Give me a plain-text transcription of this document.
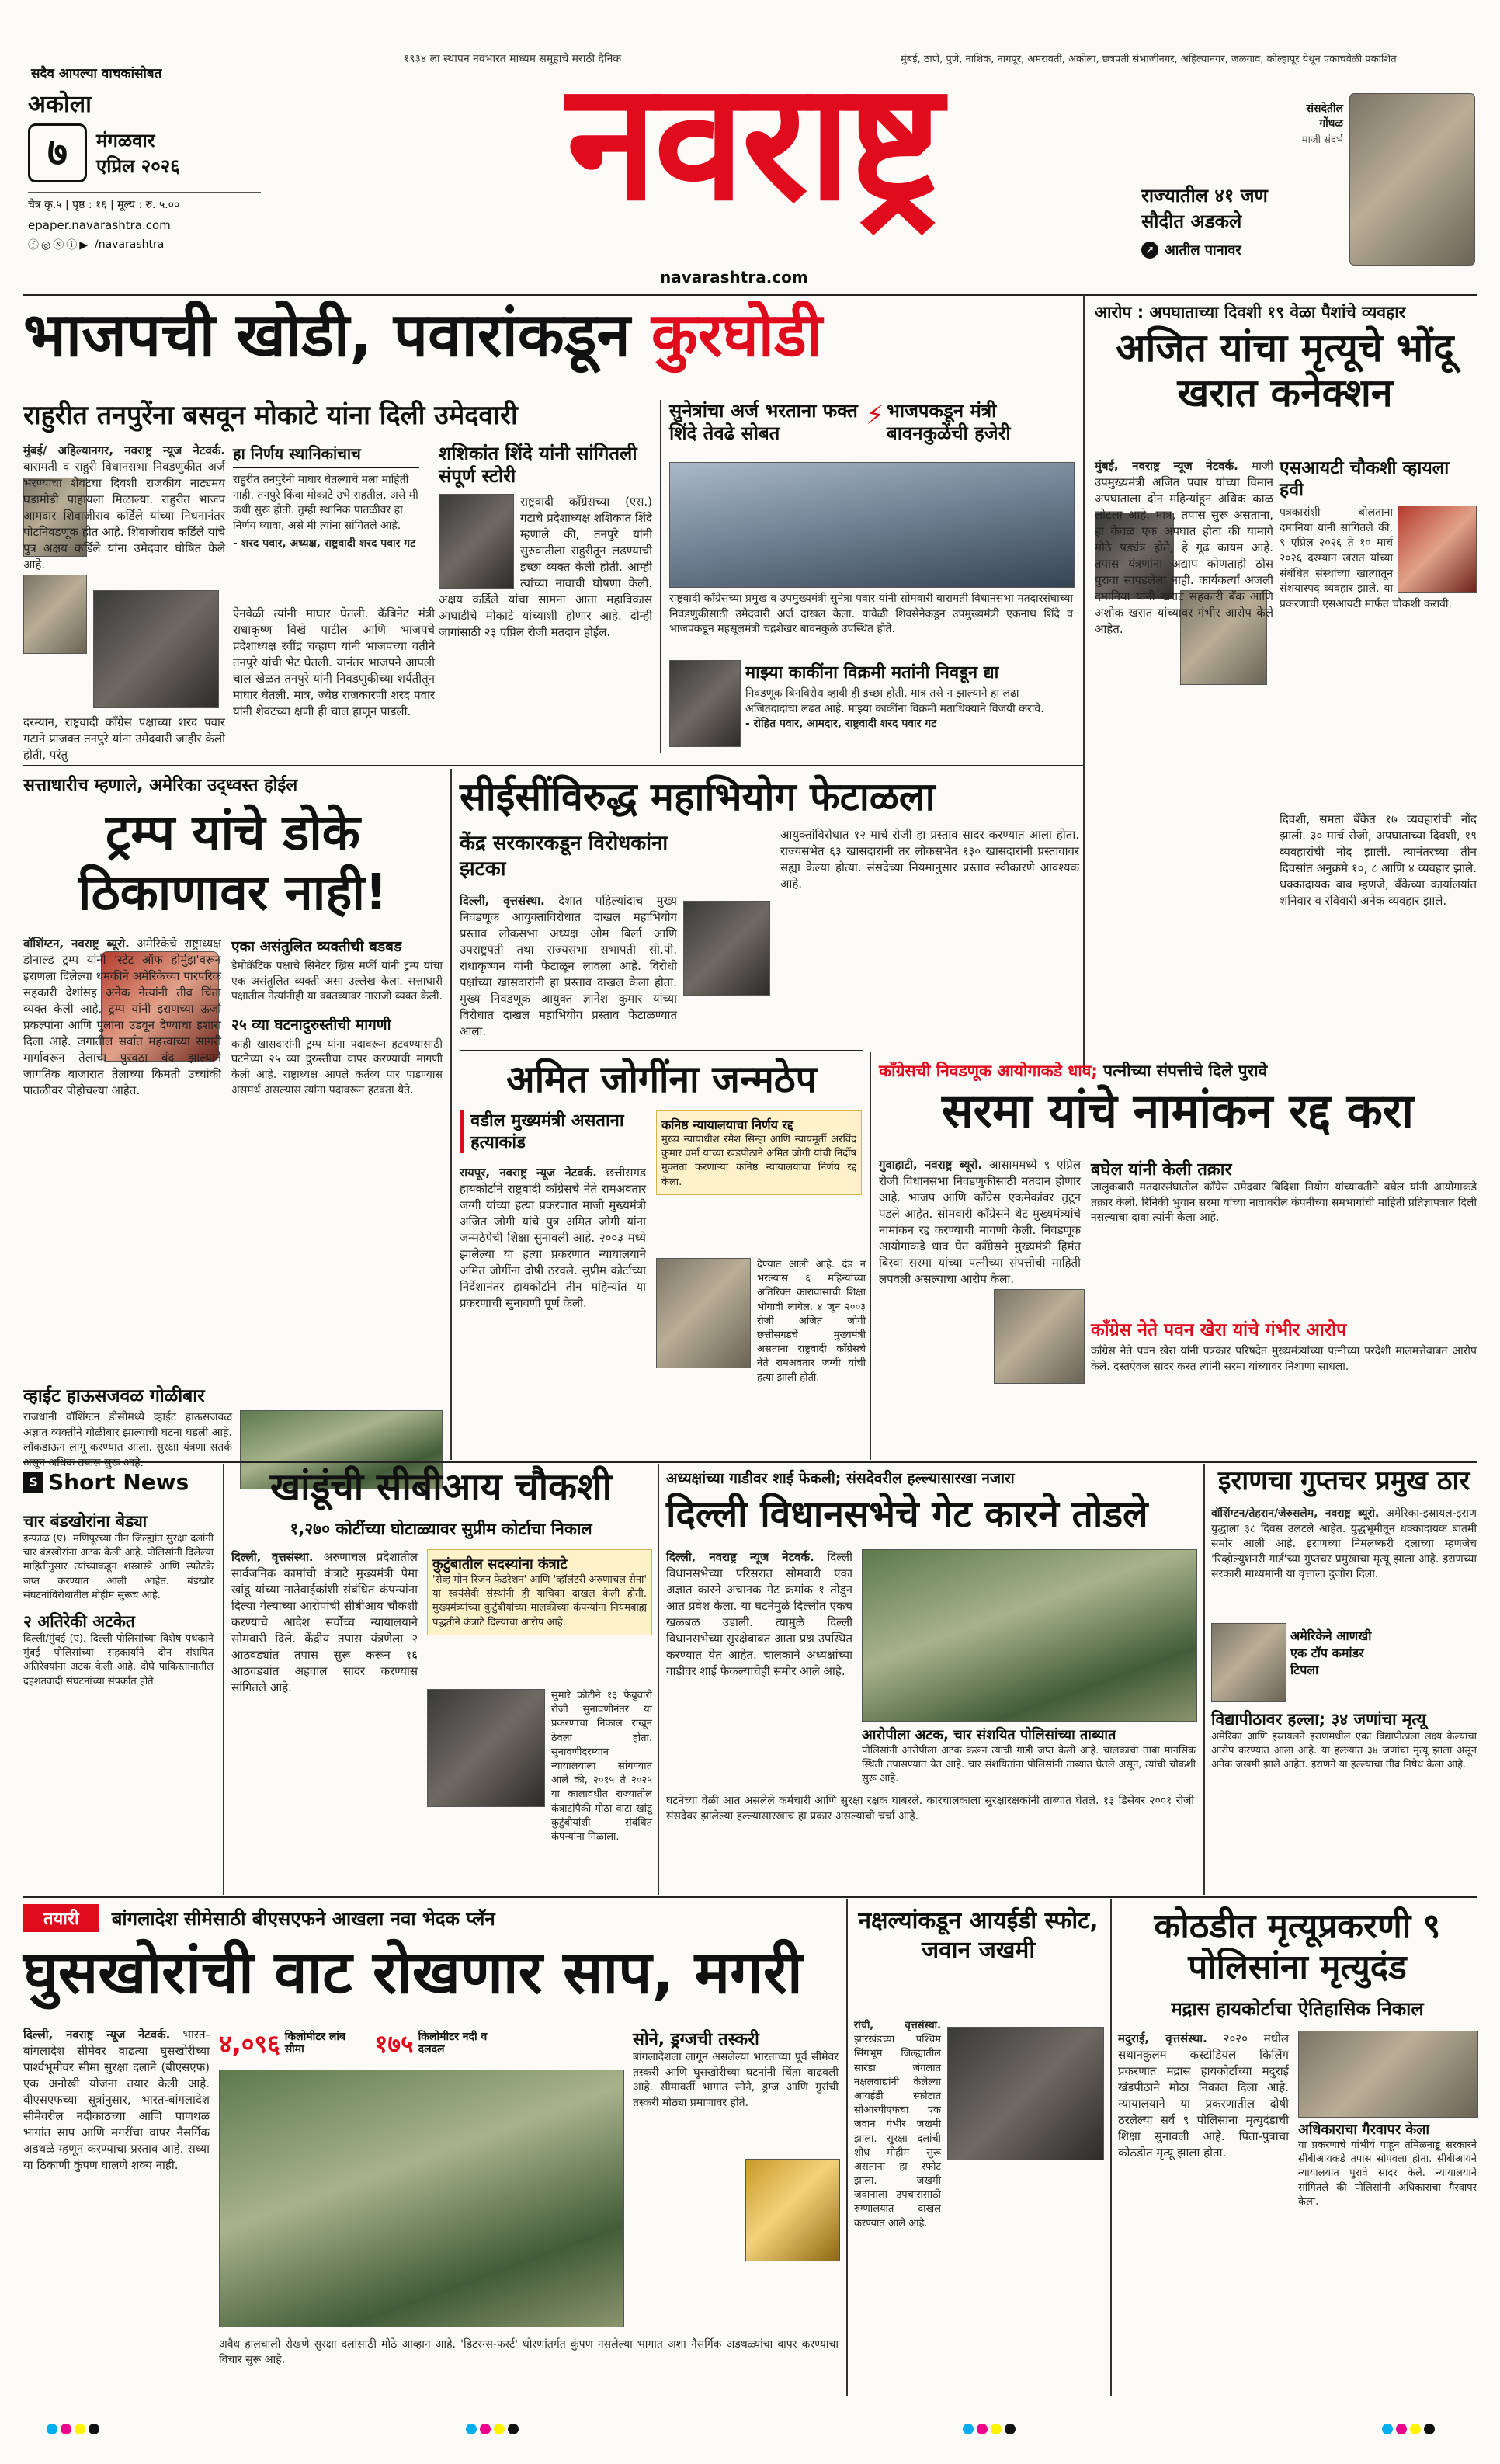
१९३४ ला स्थापन नवभारत माध्यम समूहाचे मराठी दैनिक	मुंबई, ठाणे, पुणे, नाशिक, नागपूर, अमरावती, अकोला, छत्रपती संभाजीनगर, अहिल्यानगर, जळगाव, कोल्हापूर येथून एकाचवेळी प्रकाशित
सदैव आपल्या वाचकांसोबत
अकोला
७	मंगळवार
एप्रिल २०२६
चैत्र कृ.५ | पृष्ठ : १६ | मूल्य : रु. ५.००
epaper.navarashtra.com
ⓕ◎ⓧⓘ▶ /navarashtra
नवराष्ट्र
navarashtra.com
संसदेतील गोंधळ
माजी संदर्भ
राज्यातील ४१ जण
सौदीत अडकले
➚ आतील पानावर
भाजपची खोडी, पवारांकडून कुरघोडी
राहुरीत तनपुरेंना बसवून मोकाटे यांना दिली उमेदवारी
मुंबई/ अहिल्यानगर, नवराष्ट्र न्यूज नेटवर्क. बारामती व राहुरी विधानसभा निवडणुकीत अर्ज भरण्याचा शेवटचा दिवशी राजकीय नाट्यमय घडामोडी पाहायला मिळाल्या. राहुरीत भाजप आमदार शिवाजीराव कर्डिले यांच्या निधनानंतर पोटनिवडणूक होत आहे. शिवाजीराव कर्डिले यांचे पुत्र अक्षय कर्डिले यांना उमेदवार घोषित केले आहे.
दरम्यान, राष्ट्रवादी काँग्रेस पक्षाच्या शरद पवार गटाने प्राजक्त तनपुरे यांना उमेदवारी जाहीर केली होती, परंतु
हा निर्णय स्थानिकांचाच
राहुरीत तनपुरेंनी माघार घेतल्याचे मला माहिती नाही. तनपुरे किंवा मोकाटे उभे राहतील, असे मी कधी सुरू होती. तुम्ही स्थानिक पातळीवर हा निर्णय घ्यावा, असे मी त्यांना सांगितले आहे.
- शरद पवार, अध्यक्ष, राष्ट्रवादी शरद पवार गट
ऐनवेळी त्यांनी माघार घेतली. कॅबिनेट मंत्री राधाकृष्ण विखे पाटील आणि भाजपचे प्रदेशाध्यक्ष रवींद्र चव्हाण यांनी भाजपच्या वतीने तनपुरे यांची भेट घेतली. यानंतर भाजपने आपली चाल खेळत तनपुरे यांनी निवडणुकीच्या शर्यतीतून माघार घेतली. मात्र, ज्येष्ठ राजकारणी शरद पवार यांनी शेवटच्या क्षणी ही चाल हाणून पाडली.
शशिकांत शिंदे यांनी सांगितली संपूर्ण स्टोरी
राष्ट्रवादी काँग्रेसच्या (एस.) गटाचे प्रदेशाध्यक्ष शशिकांत शिंदे म्हणाले की, तनपुरे यांनी सुरुवातीला राहुरीतून लढण्याची इच्छा व्यक्त केली होती. आम्ही त्यांच्या नावाची घोषणा केली. अक्षय कर्डिले यांचा सामना आता महाविकास आघाडीचे मोकाटे यांच्याशी होणार आहे. दोन्ही जागांसाठी २३ एप्रिल रोजी मतदान होईल.
सुनेत्रांचा अर्ज भरताना फक्त शिंदे तेवढे सोबत
⚡ भाजपकडून मंत्री बावनकुळेंची हजेरी
राष्ट्रवादी काँग्रेसच्या प्रमुख व उपमुख्यमंत्री सुनेत्रा पवार यांनी सोमवारी बारामती विधानसभा मतदारसंघाच्या निवडणुकीसाठी उमेदवारी अर्ज दाखल केला. यावेळी शिवसेनेकडून उपमुख्यमंत्री एकनाथ शिंदे व भाजपकडून महसूलमंत्री चंद्रशेखर बावनकुळे उपस्थित होते.
माझ्या काकींना विक्रमी मतांनी निवडून द्या
निवडणूक बिनविरोध व्हावी ही इच्छा होती. मात्र तसे न झाल्याने हा लढा अजितदादांचा लढत आहे. माझ्या काकींना विक्रमी मताधिक्याने विजयी करावे.
- रोहित पवार, आमदार, राष्ट्रवादी शरद पवार गट
आरोप : अपघाताच्या दिवशी १९ वेळा पैशांचे व्यवहार
अजित यांचा मृत्यूचे भोंदू खरात कनेक्शन
मुंबई, नवराष्ट्र न्यूज नेटवर्क. माजी उपमुख्यमंत्री अजित पवार यांच्या विमान अपघाताला दोन महिन्यांहून अधिक काळ लोटला आहे. मात्र, तपास सुरू असताना, हा केवळ एक अपघात होता की यामागे मोठे षड्यंत्र होते, हे गूढ कायम आहे. तपास यंत्रणांना अद्याप कोणताही ठोस पुरावा सापडलेला नाही. कार्यकर्त्यां अंजली दमानिया यांनी खराट सहकारी बँक आणि अशोक खरात यांच्यावर गंभीर आरोप केले आहेत.
एसआयटी चौकशी व्हायला हवी
पत्रकारांशी बोलताना दमानिया यांनी सांगितले की, ९ एप्रिल २०२६ ते १० मार्च २०२६ दरम्यान खरात यांच्या संबंधित संस्थांच्या खात्यातून संशयास्पद व्यवहार झाले. या प्रकरणाची एसआयटी मार्फत चौकशी करावी.
दिवशी, समता बँकेत १७ व्यवहारांची नोंद झाली. ३० मार्च रोजी, अपघाताच्या दिवशी, १९ व्यवहारांची नोंद झाली. त्यानंतरच्या तीन दिवसांत अनुक्रमे १०, ८ आणि ४ व्यवहार झाले. धक्कादायक बाब म्हणजे, बँकेच्या कार्यालयांत शनिवार व रविवारी अनेक व्यवहार झाले.
सत्ताधारीच म्हणाले, अमेरिका उद्ध्वस्त होईल
ट्रम्प यांचे डोके ठिकाणावर नाही!
वॉशिंग्टन, नवराष्ट्र ब्यूरो. अमेरिकेचे राष्ट्राध्यक्ष डोनाल्ड ट्रम्प यांनी 'स्टेट ऑफ होर्मुझ'वरून इराणला दिलेल्या धमकीने अमेरिकेच्या पारंपरिक सहकारी देशांसह अनेक नेत्यांनी तीव्र चिंता व्यक्त केली आहे. ट्रम्प यांनी इराणच्या ऊर्जा प्रकल्पांना आणि पुलांना उडवून देण्याचा इशारा दिला आहे. जगातील सर्वात महत्त्वाच्या सागरी मार्गावरून तेलाचा पुरवठा बंद झाल्याने जागतिक बाजारात तेलाच्या किमती उच्चांकी पातळीवर पोहोचल्या आहेत.
एका असंतुलित व्यक्तीची बडबड
डेमोक्रॅटिक पक्षाचे सिनेटर ख्रिस मर्फी यांनी ट्रम्प यांचा एक असंतुलित व्यक्ती असा उल्लेख केला. सत्ताधारी पक्षातील नेत्यांनीही या वक्तव्यावर नाराजी व्यक्त केली.
२५ व्या घटनादुरुस्तीची मागणी
काही खासदारांनी ट्रम्प यांना पदावरून हटवण्यासाठी घटनेच्या २५ व्या दुरुस्तीचा वापर करण्याची मागणी केली आहे. राष्ट्राध्यक्ष आपले कर्तव्य पार पाडण्यास असमर्थ असल्यास त्यांना पदावरून हटवता येते.
व्हाईट हाऊसजवळ गोळीबार
राजधानी वॉशिंग्टन डीसीमध्ये व्हाईट हाऊसजवळ अज्ञात व्यक्तीने गोळीबार झाल्याची घटना घडली आहे. लॉकडाऊन लागू करण्यात आला. सुरक्षा यंत्रणा सतर्क
सीईसींविरुद्ध महाभियोग फेटाळला
केंद्र सरकारकडून विरोधकांना झटका
दिल्ली, वृत्तसंस्था. देशात पहिल्यांदाच मुख्य निवडणूक आयुक्तांविरोधात दाखल महाभियोग प्रस्ताव लोकसभा अध्यक्ष ओम बिर्ला आणि उपराष्ट्रपती तथा राज्यसभा सभापती सी.पी. राधाकृष्णन यांनी फेटाळून लावला आहे. विरोधी पक्षांच्या खासदारांनी हा प्रस्ताव दाखल केला होता. मुख्य निवडणूक आयुक्त ज्ञानेश कुमार यांच्या विरोधात दाखल महाभियोग प्रस्ताव फेटाळण्यात आला.
आयुक्तांविरोधात १२ मार्च रोजी हा प्रस्ताव सादर करण्यात आला होता. राज्यसभेत ६३ खासदारांनी तर लोकसभेत १३० खासदारांनी प्रस्तावावर सह्या केल्या होत्या. संसदेच्या नियमानुसार प्रस्ताव स्वीकारणे आवश्यक आहे.
अमित जोगींना जन्मठेप
वडील मुख्यमंत्री असताना हत्याकांड
कनिष्ठ न्यायालयाचा निर्णय रद्द
मुख्य न्यायाधीश रमेश सिन्हा आणि न्यायमूर्ती अरविंद कुमार वर्मा यांच्या खंडपीठाने अमित जोगी यांची निर्दोष मुक्तता करणाऱ्या कनिष्ठ न्यायालयाचा निर्णय रद्द केला.
रायपूर, नवराष्ट्र न्यूज नेटवर्क. छत्तीसगड हायकोर्टाने राष्ट्रवादी काँग्रेसचे नेते रामअवतार जग्गी यांच्या हत्या प्रकरणात माजी मुख्यमंत्री अजित जोगी यांचे पुत्र अमित जोगी यांना जन्मठेपेची शिक्षा सुनावली आहे. २००३ मध्ये झालेल्या या हत्या प्रकरणात न्यायालयाने अमित जोगींना दोषी ठरवले. सुप्रीम कोर्टाच्या निर्देशानंतर हायकोर्टाने तीन महिन्यांत या प्रकरणाची सुनावणी पूर्ण केली.
देण्यात आली आहे. दंड न भरल्यास ६ महिन्यांच्या अतिरिक्त कारावासाची शिक्षा भोगावी लागेल. ४ जून २००३ रोजी अजित जोगी छत्तीसगडचे मुख्यमंत्री असताना राष्ट्रवादी काँग्रेसचे नेते रामअवतार जग्गी यांची हत्या झाली होती.
काँग्रेसची निवडणूक आयोगाकडे धाव; पत्नीच्या संपत्तीचे दिले पुरावे
सरमा यांचे नामांकन रद्द करा
गुवाहाटी, नवराष्ट्र ब्यूरो. आसाममध्ये ९ एप्रिल रोजी विधानसभा निवडणुकीसाठी मतदान होणार आहे. भाजप आणि काँग्रेस एकमेकांवर तुटून पडले आहेत. सोमवारी काँग्रेसने थेट मुख्यमंत्र्यांचे नामांकन रद्द करण्याची मागणी केली. निवडणूक आयोगाकडे धाव घेत काँग्रेसने मुख्यमंत्री हिमंत बिस्वा सरमा यांच्या पत्नीच्या संपत्तीची माहिती लपवली असल्याचा आरोप केला.
बघेल यांनी केली तक्रार
जालुकबारी मतदारसंघातील काँग्रेस उमेदवार बिदिशा नियोग यांच्यावतीने बघेल यांनी आयोगाकडे तक्रार केली. रिनिकी भुयान सरमा यांच्या नावावरील कंपनीच्या समभागांची माहिती प्रतिज्ञापत्रात दिली नसल्याचा दावा त्यांनी केला आहे.
काँग्रेस नेते पवन खेरा यांचे गंभीर आरोप
काँग्रेस नेते पवन खेरा यांनी पत्रकार परिषदेत मुख्यमंत्र्यांच्या पत्नीच्या परदेशी मालमत्तेबाबत आरोप केले. दस्तऐवज सादर करत त्यांनी सरमा यांच्यावर निशाणा साधला.
S Short News
चार बंडखोरांना बेड्या
इम्फाळ (ए). मणिपूरच्या तीन जिल्ह्यांत सुरक्षा दलांनी चार बंडखोरांना अटक केली आहे. पोलिसांनी दिलेल्या माहितीनुसार त्यांच्याकडून शस्त्रास्त्रे आणि स्फोटके जप्त करण्यात आली आहेत. बंडखोर संघटनांविरोधातील मोहीम सुरूच आहे.
२ अतिरेकी अटकेत
दिल्ली/मुंबई (ए). दिल्ली पोलिसांच्या विशेष पथकाने मुंबई पोलिसांच्या सहकार्याने दोन संशयित अतिरेक्यांना अटक केली आहे. दोघे पाकिस्तानातील दहशतवादी संघटनांच्या संपर्कात होते.
खांडूंची सीबीआय चौकशी
१,२७० कोटींच्या घोटाळ्यावर सुप्रीम कोर्टाचा निकाल
दिल्ली, वृत्तसंस्था. अरुणाचल प्रदेशातील सार्वजनिक कामांची कंत्राटे मुख्यमंत्री पेमा खांडू यांच्या नातेवाईकांशी संबंधित कंपन्यांना दिल्या गेल्याच्या आरोपांची सीबीआय चौकशी करण्याचे आदेश सर्वोच्च न्यायालयाने सोमवारी दिले. केंद्रीय तपास यंत्रणेला २ आठवड्यांत तपास सुरू करून १६ आठवड्यांत अहवाल सादर करण्यास सांगितले आहे.
कुटुंबातील सदस्यांना कंत्राटे
'सेव्ह मोन रिजन फेडरेशन' आणि 'व्हॉलंटरी अरुणाचल सेना' या स्वयंसेवी संस्थांनी ही याचिका दाखल केली होती. मुख्यमंत्र्यांच्या कुटुंबीयांच्या मालकीच्या कंपन्यांना नियमबाह्य पद्धतीने कंत्राटे दिल्याचा आरोप आहे.
सुमारे कोटीने १३ फेब्रुवारी रोजी सुनावणीनंतर या प्रकरणाचा निकाल राखून ठेवला होता. सुनावणीदरम्यान न्यायालयाला सांगण्यात आले की, २०१५ ते २०२५ या कालावधीत राज्यातील कंत्राटांपैकी मोठा वाटा खांडू कुटुंबीयांशी संबंधित कंपन्यांना मिळाला.
अध्यक्षांच्या गाडीवर शाई फेकली; संसदेवरील हल्ल्यासारखा नजारा
दिल्ली विधानसभेचे गेट कारने तोडले
दिल्ली, नवराष्ट्र न्यूज नेटवर्क. दिल्ली विधानसभेच्या परिसरात सोमवारी एका अज्ञात कारने अचानक गेट क्रमांक १ तोडून आत प्रवेश केला. या घटनेमुळे दिल्लीत एकच खळबळ उडाली. त्यामुळे दिल्ली विधानसभेच्या सुरक्षेबाबत आता प्रश्न उपस्थित करण्यात येत आहेत. चालकाने अध्यक्षांच्या गाडीवर शाई फेकल्याचेही समोर आले आहे.
आरोपीला अटक, चार संशयित पोलिसांच्या ताब्यात
पोलिसांनी आरोपीला अटक करून त्याची गाडी जप्त केली आहे. चालकाचा ताबा मानसिक स्थिती तपासण्यात येत आहे. चार संशयितांना पोलिसांनी ताब्यात घेतले असून, त्यांची चौकशी सुरू आहे.
घटनेच्या वेळी आत असलेले कर्मचारी आणि सुरक्षा रक्षक घाबरले. कारचालकाला सुरक्षारक्षकांनी ताब्यात घेतले. १३ डिसेंबर २००१ रोजी संसदेवर झालेल्या हल्ल्यासारखाच हा प्रकार असल्याची चर्चा आहे.
इराणचा गुप्तचर प्रमुख ठार
वॉशिंग्टन/तेहरान/जेरुसलेम, नवराष्ट्र ब्यूरो. अमेरिका-इस्रायल-इराण युद्धाला ३८ दिवस उलटले आहेत. युद्धभूमीतून धक्कादायक बातमी समोर आली आहे. इराणच्या निमलष्करी दलाच्या म्हणजेच 'रिव्होल्युशनरी गार्ड'च्या गुप्तचर प्रमुखाचा मृत्यू झाला आहे. इराणच्या सरकारी माध्यमांनी या वृत्ताला दुजोरा दिला.
अमेरिकेने आणखी एक टॉप कमांडर टिपला
विद्यापीठावर हल्ला; ३४ जणांचा मृत्यू
अमेरिका आणि इस्रायलने इराणमधील एका विद्यापीठाला लक्ष्य केल्याचा आरोप करण्यात आला आहे. या हल्ल्यात ३४ जणांचा मृत्यू झाला असून अनेक जखमी झाले आहेत. इराणने या हल्ल्याचा तीव्र निषेध केला आहे.
तयारी	बांगलादेश सीमेसाठी बीएसएफने आखला नवा भेदक प्लॅन
घुसखोरांची वाट रोखणार साप, मगरी
दिल्ली, नवराष्ट्र न्यूज नेटवर्क. भारत-बांगलादेश सीमेवर वाढत्या घुसखोरीच्या पार्श्वभूमीवर सीमा सुरक्षा दलाने (बीएसएफ) एक अनोखी योजना तयार केली आहे. बीएसएफच्या सूत्रांनुसार, भारत-बांगलादेश सीमेवरील नदीकाठच्या आणि पाणथळ भागांत साप आणि मगरींचा वापर नैसर्गिक अडथळे म्हणून करण्याचा प्रस्ताव आहे. सध्या या ठिकाणी कुंपण घालणे शक्य नाही.
४,०९६ किलोमीटर लांब सीमा	१७५ किलोमीटर नदी व दलदल	सोने, ड्रग्जची तस्करी
बांगलादेशला लागून असलेल्या भारताच्या पूर्व सीमेवर तस्करी आणि घुसखोरीच्या घटनांनी चिंता वाढवली आहे. सीमावर्ती भागात सोने, ड्रग्ज आणि गुरांची तस्करी मोठ्या प्रमाणावर होते.
अवैध हालचाली रोखणे सुरक्षा दलांसाठी मोठे आव्हान आहे. 'डिटरन्स-फर्स्ट' धोरणांतर्गत कुंपण नसलेल्या भागात अशा नैसर्गिक अडथळ्यांचा वापर करण्याचा विचार सुरू आहे.
नक्षल्यांकडून आयईडी स्फोट, जवान जखमी
रांची, वृत्तसंस्था. झारखंडच्या पश्चिम सिंगभूम जिल्ह्यातील सारंडा जंगलात नक्षलवाद्यांनी केलेल्या आयईडी स्फोटात सीआरपीएफचा एक जवान गंभीर जखमी झाला. सुरक्षा दलांची शोध मोहीम सुरू असताना हा स्फोट झाला. जखमी जवानाला उपचारासाठी रुग्णालयात दाखल करण्यात आले आहे.
कोठडीत मृत्यूप्रकरणी ९ पोलिसांना मृत्युदंड
मद्रास हायकोर्टाचा ऐतिहासिक निकाल
मदुराई, वृत्तसंस्था. २०२० मधील सथानकुलम कस्टोडियल किलिंग प्रकरणात मद्रास हायकोर्टाच्या मदुराई खंडपीठाने मोठा निकाल दिला आहे. न्यायालयाने या प्रकरणातील दोषी ठरलेल्या सर्व ९ पोलिसांना मृत्युदंडाची शिक्षा सुनावली आहे. पिता-पुत्राचा कोठडीत मृत्यू झाला होता.
अधिकाराचा गैरवापर केला
या प्रकरणाचे गांभीर्य पाहून तमिळनाडू सरकारने सीबीआयकडे तपास सोपवला होता. सीबीआयने न्यायालयात पुरावे सादर केले. न्यायालयाने सांगितले की पोलिसांनी अधिकाराचा गैरवापर केला.
